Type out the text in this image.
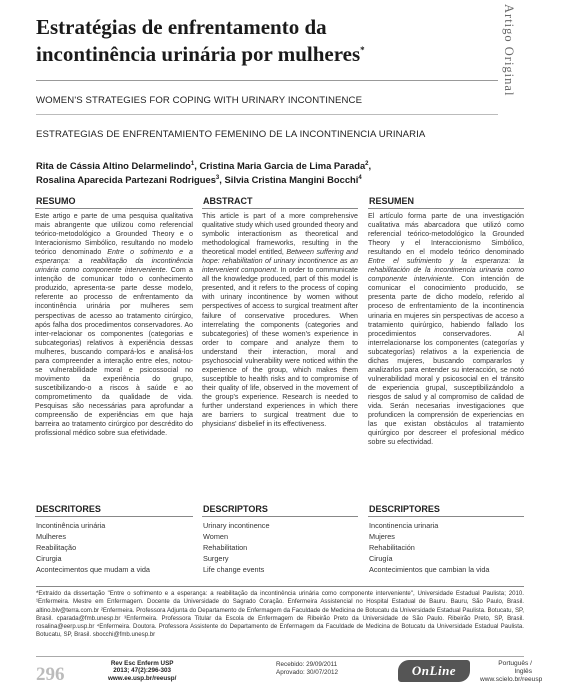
Estratégias de enfrentamento da
incontinência urinária por mulheres*	Artigo Original
WOMEN'S STRATEGIES FOR COPING WITH URINARY INCONTINENCE
ESTRATEGIAS DE ENFRENTAMIENTO FEMENINO DE LA INCONTINENCIA URINARIA
Rita de Cássia Altino Delarmelindo$^1$, Cristina Maria Garcia de Lima Parada$^2$,
Rosalina Aparecida Partezani Rodrigues$^3$, Silvia Cristina Mangini Bocchi$^4$
RESUMO

Este artigo e parte de uma pesquisa qualitativa mais abrangente que utilizou como referencial teórico-metodológico a Grounded Theory e o Interacionismo Simbólico, resultando no modelo teórico denominado Entre o sofrimento e a esperança: a reabilitação da incontinência urinária como componente interveniente. Com a intenção de comunicar todo o conhecimento produzido, apresenta-se parte desse modelo, referente ao processo de enfrentamento da incontinência urinária por mulheres sem perspectivas de acesso ao tratamento cirúrgico, após falha dos procedimentos conservadores. Ao inter-relacionar os componentes (categorias e subcategorias) relativos à experiência dessas mulheres, buscando compará-los e analisá-los para compreender a interação entre eles, notou-se vulnerabilidade moral e psicossocial no movimento da experiência do grupo, suscetibilizando-o a riscos à saúde e ao comprometimento da qualidade de vida. Pesquisas são necessárias para aprofundar a compreensão de experiências em que haja barreira ao tratamento cirúrgico por descrédito do profissional médico sobre sua efetividade.

ABSTRACT

This article is part of a more comprehensive qualitative study which used grounded theory and symbolic interactionism as theoretical and methodological frameworks, resulting in the theoretical model entitled, Between suffering and hope: rehabilitation of urinary incontinence as an intervenient component. In order to communicate all the knowledge produced, part of this model is presented, and it refers to the process of coping with urinary incontinence by women without perspectives of access to surgical treatment after failure of conservative procedures. When interrelating the components (categories and subcategories) of these women's experience in order to compare and analyze them to understand their interaction, moral and psychosocial vulnerability were noticed within the experience of the group, which makes them susceptible to health risks and to compromise of their quality of life, observed in the movement of the group's experience. Research is needed to further understand experiences in which there are barriers to surgical treatment due to physicians' disbelief in its effectiveness.

RESUMEN

El artículo forma parte de una investigación cualitativa más abarcadora que utilizó como referencial teórico-metodológico la Grounded Theory y el Interaccionismo Simbólico, resultando en el modelo teórico denominado Entre el sufrimiento y la esperanza: la rehabilitación de la incontinencia urinaria como componente interviniente. Con intención de comunicar el conocimiento producido, se presenta parte de dicho modelo, referido al proceso de enfrentamiento de la incontinencia urinaria en mujeres sin perspectivas de acceso a tratamiento quirúrgico, habiendo fallado los procedimientos conservadores. Al interrelacionarse los componentes (categorías y subcategorías) relativos a la experiencia de dichas mujeres, buscando compararlos y analizarlos para entender su interacción, se notó vulnerabilidad moral y psicosocial en el tránsito de experiencia grupal, susceptibilizándolo a riesgos de salud y al compromiso de calidad de vida. Serán necesarias investigaciones que profundicen la comprensión de experiencias en las que existan obstáculos al tratamiento quirúrgico por descreer el profesional médico sobre su efectividad.

DESCRITORES
Incontinência urinária
Mulheres
Reabilitação
Cirurgia
Acontecimentos que mudam a vida
DESCRIPTORS
Urinary incontinence
Women
Rehabilitation
Surgery
Life change events
DESCRIPTORES
Incontinencia urinaria
Mujeres
Rehabilitación
Cirugía
Acontecimientos que cambian la vida

*Extraído da dissertação "Entre o sofrimento e a esperança: a reabilitação da incontinência urinária como componente interveniente", Universidade Estadual Paulista; 2010. ¹Enfermeira. Mestre em Enfermagem. Docente da Universidade do Sagrado Coração. Enfermeira Assistencial no Hospital Estadual de Bauru. Bauru, São Paulo, Brasil. altino.blv@terra.com.br ²Enfermeira. Professora Adjunta do Departamento de Enfermagem da Faculdade de Medicina de Botucatu da Universidade Estadual Paulista. Botucatu, SP, Brasil. cparada@fmb.unesp.br ³Enfermeira. Professora Titular da Escola de Enfermagem de Ribeirão Preto da Universidade de São Paulo. Ribeirão Preto, SP, Brasil. rosalina@eerp.usp.br ⁴Enfermeira. Doutora. Professora Assistente do Departamento de Enfermagem da Faculdade de Medicina de Botucatu da Universidade Estadual Paulista. Botucatu, SP, Brasil. sbocchi@fmb.unesp.br

296
Rev Esc Enferm USP
2013; 47(2):296-303
www.ee.usp.br/reeusp/
Recebido: 29/09/2011
Aprovado: 30/07/2012	OnLine	Português / Inglês
www.scielo.br/reeusp
